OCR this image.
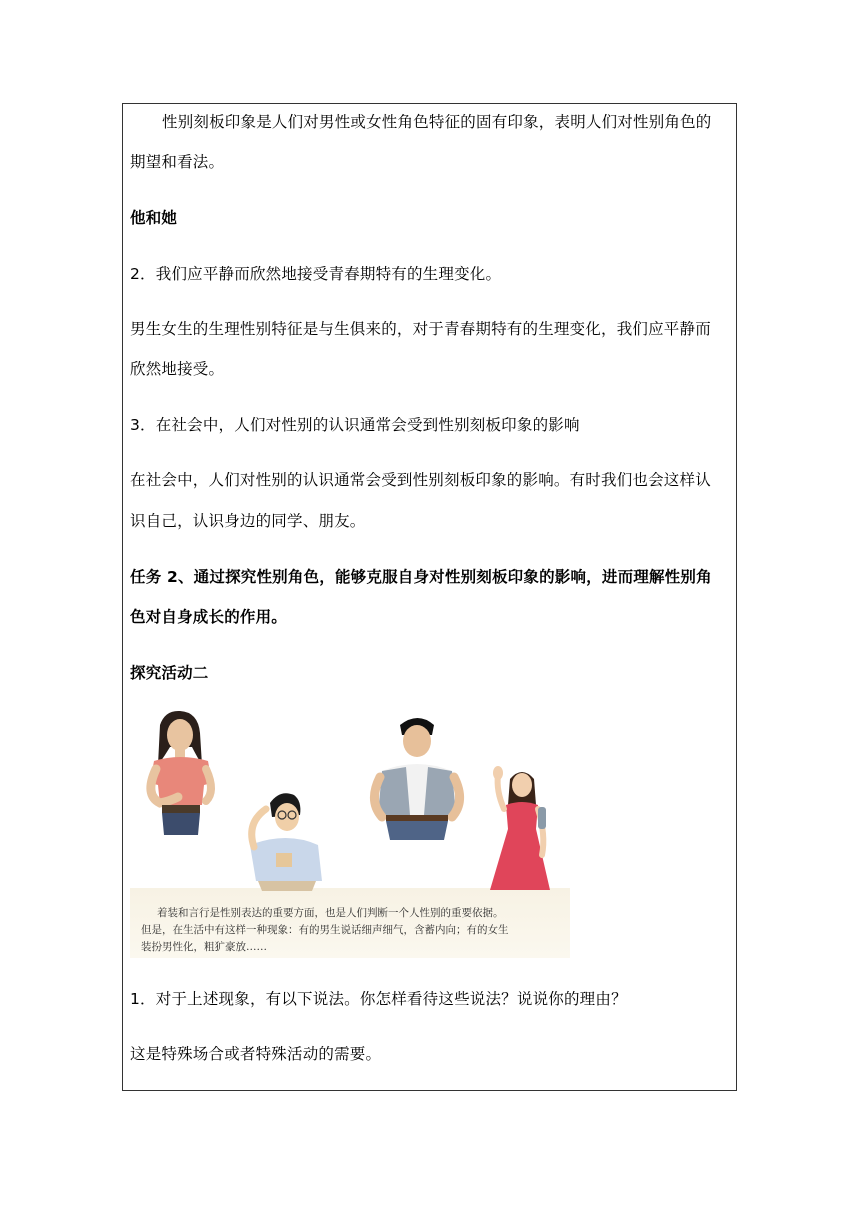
性别刻板印象是人们对男性或女性角色特征的固有印象，表明人们对性别角色的
期望和看法。
他和她
2．我们应平静而欣然地接受青春期特有的生理变化。
男生女生的生理性别特征是与生俱来的，对于青春期特有的生理变化，我们应平静而
欣然地接受。
3．在社会中，人们对性别的认识通常会受到性别刻板印象的影响
在社会中，人们对性别的认识通常会受到性别刻板印象的影响。有时我们也会这样认
识自己，认识身边的同学、朋友。
任务 2、通过探究性别角色，能够克服自身对性别刻板印象的影响，进而理解性别角
色对自身成长的作用。
探究活动二
着装和言行是性别表达的重要方面，也是人们判断一个人性别的重要依据。
但是，在生活中有这样一种现象：有的男生说话细声细气，含蓄内向；有的女生
装扮男性化，粗犷豪放……
1．对于上述现象，有以下说法。你怎样看待这些说法？说说你的理由？
这是特殊场合或者特殊活动的需要。
